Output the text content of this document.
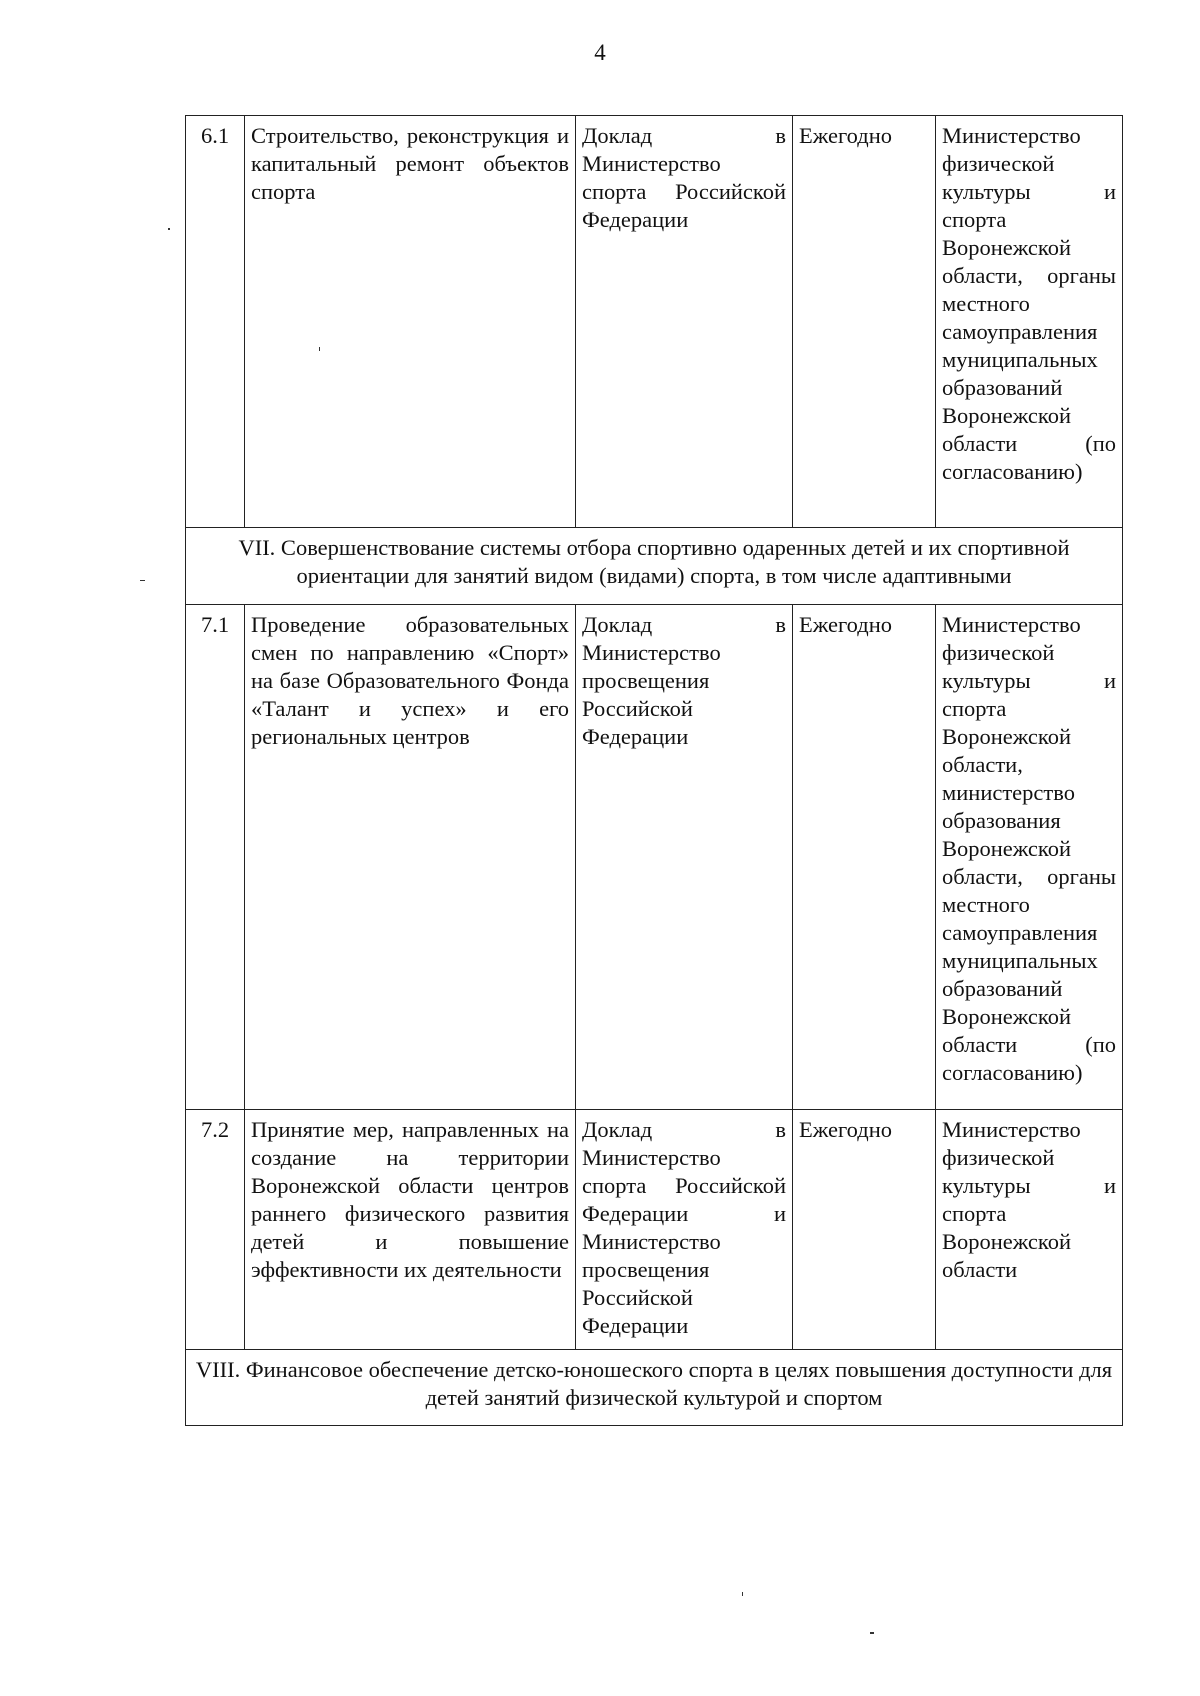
4
6.1	Строительство, реконструкция и капитальный ремонт объектов спорта	Доклад в Министерство спорта Российской Федерации	Ежегодно	Министерство физической культуры и спорта Воронежской области, органы местного самоуправления муниципальных образований Воронежской области (по согласованию)
VII. Совершенствование системы отбора спортивно одаренных детей и их спортивной ориентации для занятий видом (видами) спорта, в том числе адаптивными				
7.1	Проведение образовательных смен по направлению «Спорт» на базе Образовательного Фонда «Талант и успех» и его региональных центров	Доклад в Министерство просвещения Российской Федерации	Ежегодно	Министерство физической культуры и спорта Воронежской области, министерство образования Воронежской области, органы местного самоуправления муниципальных образований Воронежской области (по согласованию)
7.2	Принятие мер, направленных на создание на территории Воронежской области центров раннего физического развития детей и повышение эффективности их деятельности	Доклад в Министерство спорта Российской Федерации и Министерство просвещения Российской Федерации	Ежегодно	Министерство физической культуры и спорта Воронежской области
VIII. Финансовое обеспечение детско-юношеского спорта в целях повышения доступности для детей занятий физической культурой и спортом				
